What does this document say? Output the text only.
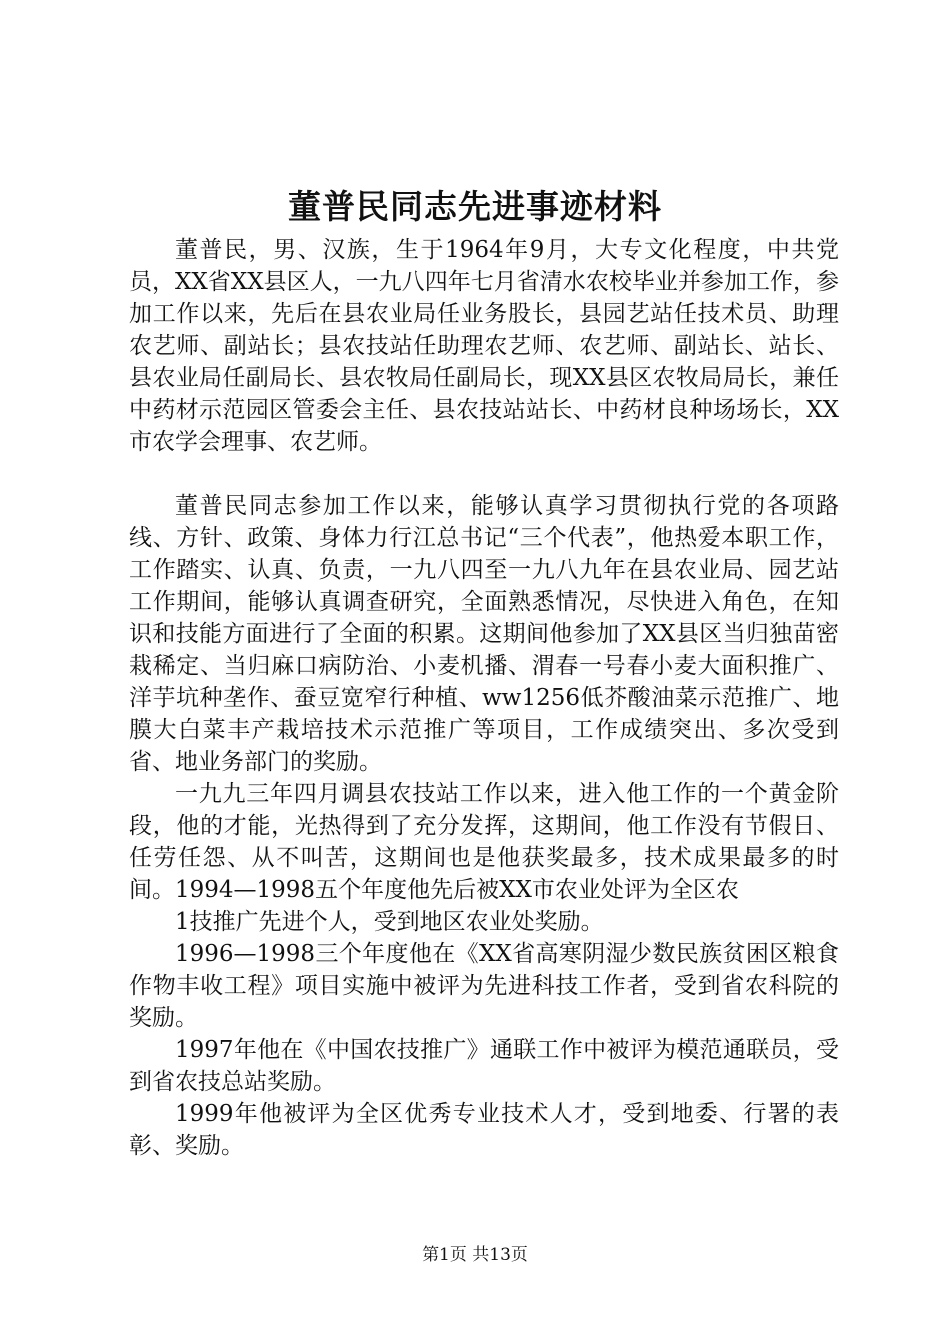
董普民同志先进事迹材料

董普民，男、汉族，生于1964年9月，大专文化程度，中共党员，XX省XX县区人，一九八四年七月省清水农校毕业并参加工作，参加工作以来，先后在县农业局任业务股长，县园艺站任技术员、助理农艺师、副站长；县农技站任助理农艺师、农艺师、副站长、站长、县农业局任副局长、县农牧局任副局长，现XX县区农牧局局长，兼任中药材示范园区管委会主任、县农技站站长、中药材良种场场长，XX市农学会理事、农艺师。

董普民同志参加工作以来，能够认真学习贯彻执行党的各项路线、方针、政策、身体力行江总书记“三个代表”，他热爱本职工作，工作踏实、认真、负责，一九八四至一九八九年在县农业局、园艺站工作期间，能够认真调查研究，全面熟悉情况，尽快进入角色，在知识和技能方面进行了全面的积累。这期间他参加了XX县区当归独苗密栽稀定、当归麻口病防治、小麦机播、渭春一号春小麦大面积推广、洋芋坑种垄作、蚕豆宽窄行种植、ww1256低芥酸油菜示范推广、地膜大白菜丰产栽培技术示范推广等项目，工作成绩突出、多次受到省、地业务部门的奖励。

一九九三年四月调县农技站工作以来，进入他工作的一个黄金阶段，他的才能，光热得到了充分发挥，这期间，他工作没有节假日、任劳任怨、从不叫苦，这期间也是他获奖最多，技术成果最多的时间。1994—1998五个年度他先后被XX市农业处评为全区农

1技推广先进个人，受到地区农业处奖励。

1996—1998三个年度他在《XX省高寒阴湿少数民族贫困区粮食作物丰收工程》项目实施中被评为先进科技工作者，受到省农科院的奖励。

1997年他在《中国农技推广》通联工作中被评为模范通联员，受到省农技总站奖励。

1999年他被评为全区优秀专业技术人才，受到地委、行署的表彰、奖励。

第1页 共13页
